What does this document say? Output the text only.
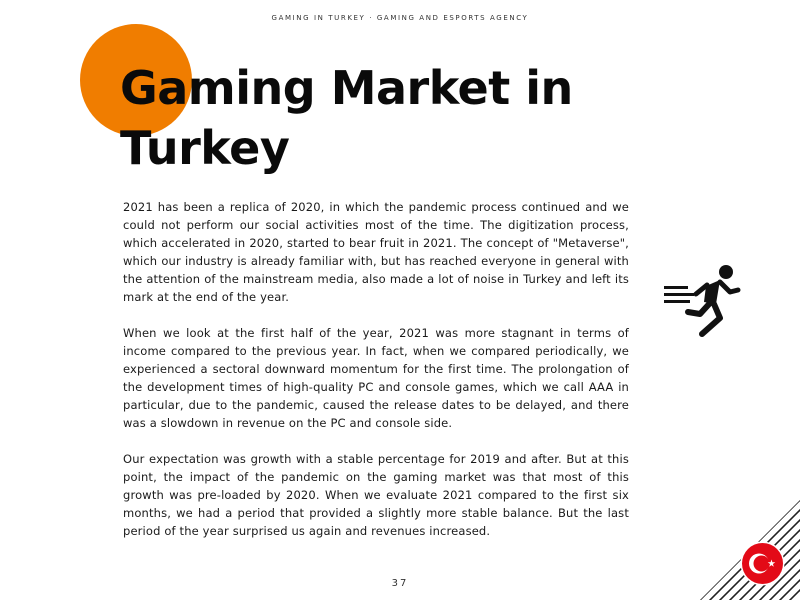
GAMING IN TURKEY · GAMING AND ESPORTS AGENCY
Gaming Market in
Turkey

2021 has been a replica of 2020, in which the pandemic process continued and we could not perform our social activities most of the time. The digitization process, which accelerated in 2020, started to bear fruit in 2021. The concept of "Metaverse", which our industry is already familiar with, but has reached everyone in general with the attention of the mainstream media, also made a lot of noise in Turkey and left its mark at the end of the year.

When we look at the first half of the year, 2021 was more stagnant in terms of income compared to the previous year. In fact, when we compared periodically, we experienced a sectoral downward momentum for the first time. The prolongation of the development times of high-quality PC and console games, which we call AAA in particular, due to the pandemic, caused the release dates to be delayed, and there was a slowdown in revenue on the PC and console side.

Our expectation was growth with a stable percentage for 2019 and after. But at this point, the impact of the pandemic on the gaming market was that most of this growth was pre-loaded by 2020. When we evaluate 2021 compared to the first six months, we had a period that provided a slightly more stable balance. But the last period of the year surprised us again and revenues increased.

37
